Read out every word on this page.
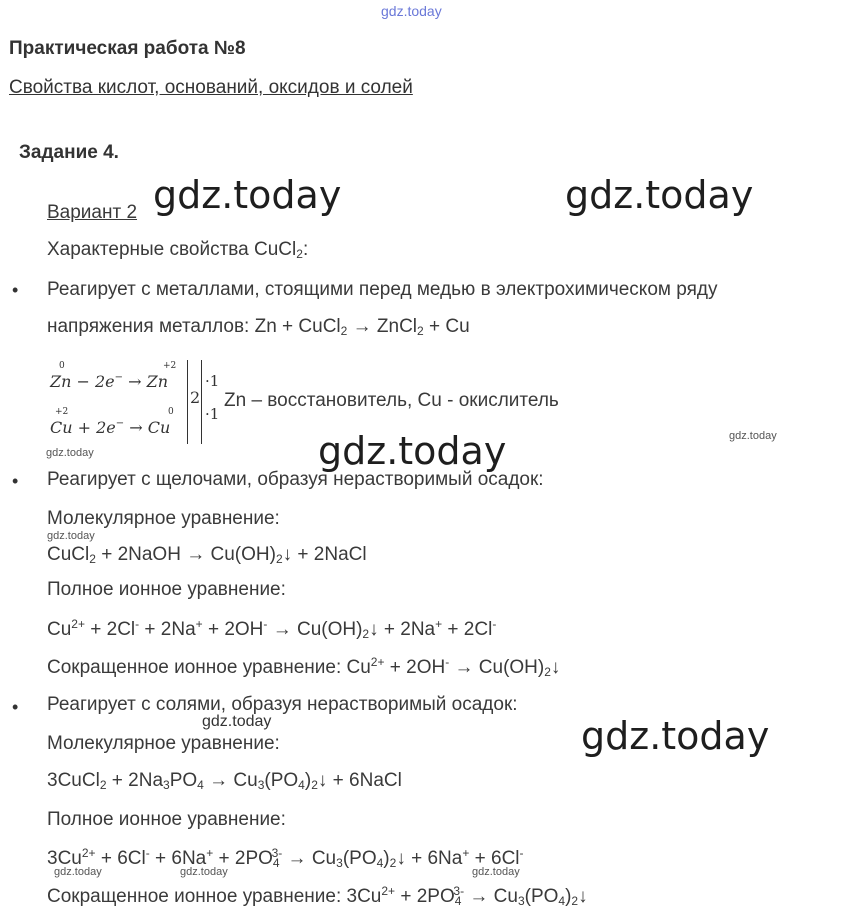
gdz.today
Практическая работа №8
Свойства кислот, оснований, оксидов и солей
Задание 4.
Вариант 2 gdz.today	gdz.today
Характерные свойства CuCl$_2$:
• Реагирует с металлами, стоящими перед медью в электрохимическом ряду
напряжения металлов: Zn + CuCl$_2$ → ZnCl$_2$ + Cu
0	+2
Zn − 2e− → Zn
+2	0
Cu + 2e− → Cu
2
·1
·1
Zn – восстановитель, Cu - окислитель
gdz.today	gdz.today	gdz.today
• Реагирует с щелочами, образуя нерастворимый осадок:
Молекулярное уравнение:
gdz.today
CuCl$_2$ + 2NaOH → $Cu(OH)_2↓$ + 2NaCl
Полное ионное уравнение:
$Cu^{2+} + 2Cl^- + 2Na^+ + 2OH^-$ → $Cu(OH)_2↓ + 2Na^+ + 2Cl^-$
Сокращенное ионное уравнение: $Cu^{2+} + 2OH^-$ → $Cu(OH)_2↓$
• Реагирует с солями, образуя нерастворимый осадок:
gdz.today	gdz.today
Молекулярное уравнение:
3CuCl$_2$ + $2Na_3PO_4$ → $Cu_3(PO_4)_2↓$ + 6NaCl
Полное ионное уравнение:
$3Cu^{2+} + 6Cl^- + 6Na^+ + 2PO_4^{3-}$ → $Cu_3(PO_4)_2↓ + 6Na^+ + 6Cl^-$
gdz.today	gdz.today	gdz.today
Сокращенное ионное уравнение: $3Cu^{2+} + 2PO_4^{3-}$ → $Cu_3(PO_4)_2↓$
